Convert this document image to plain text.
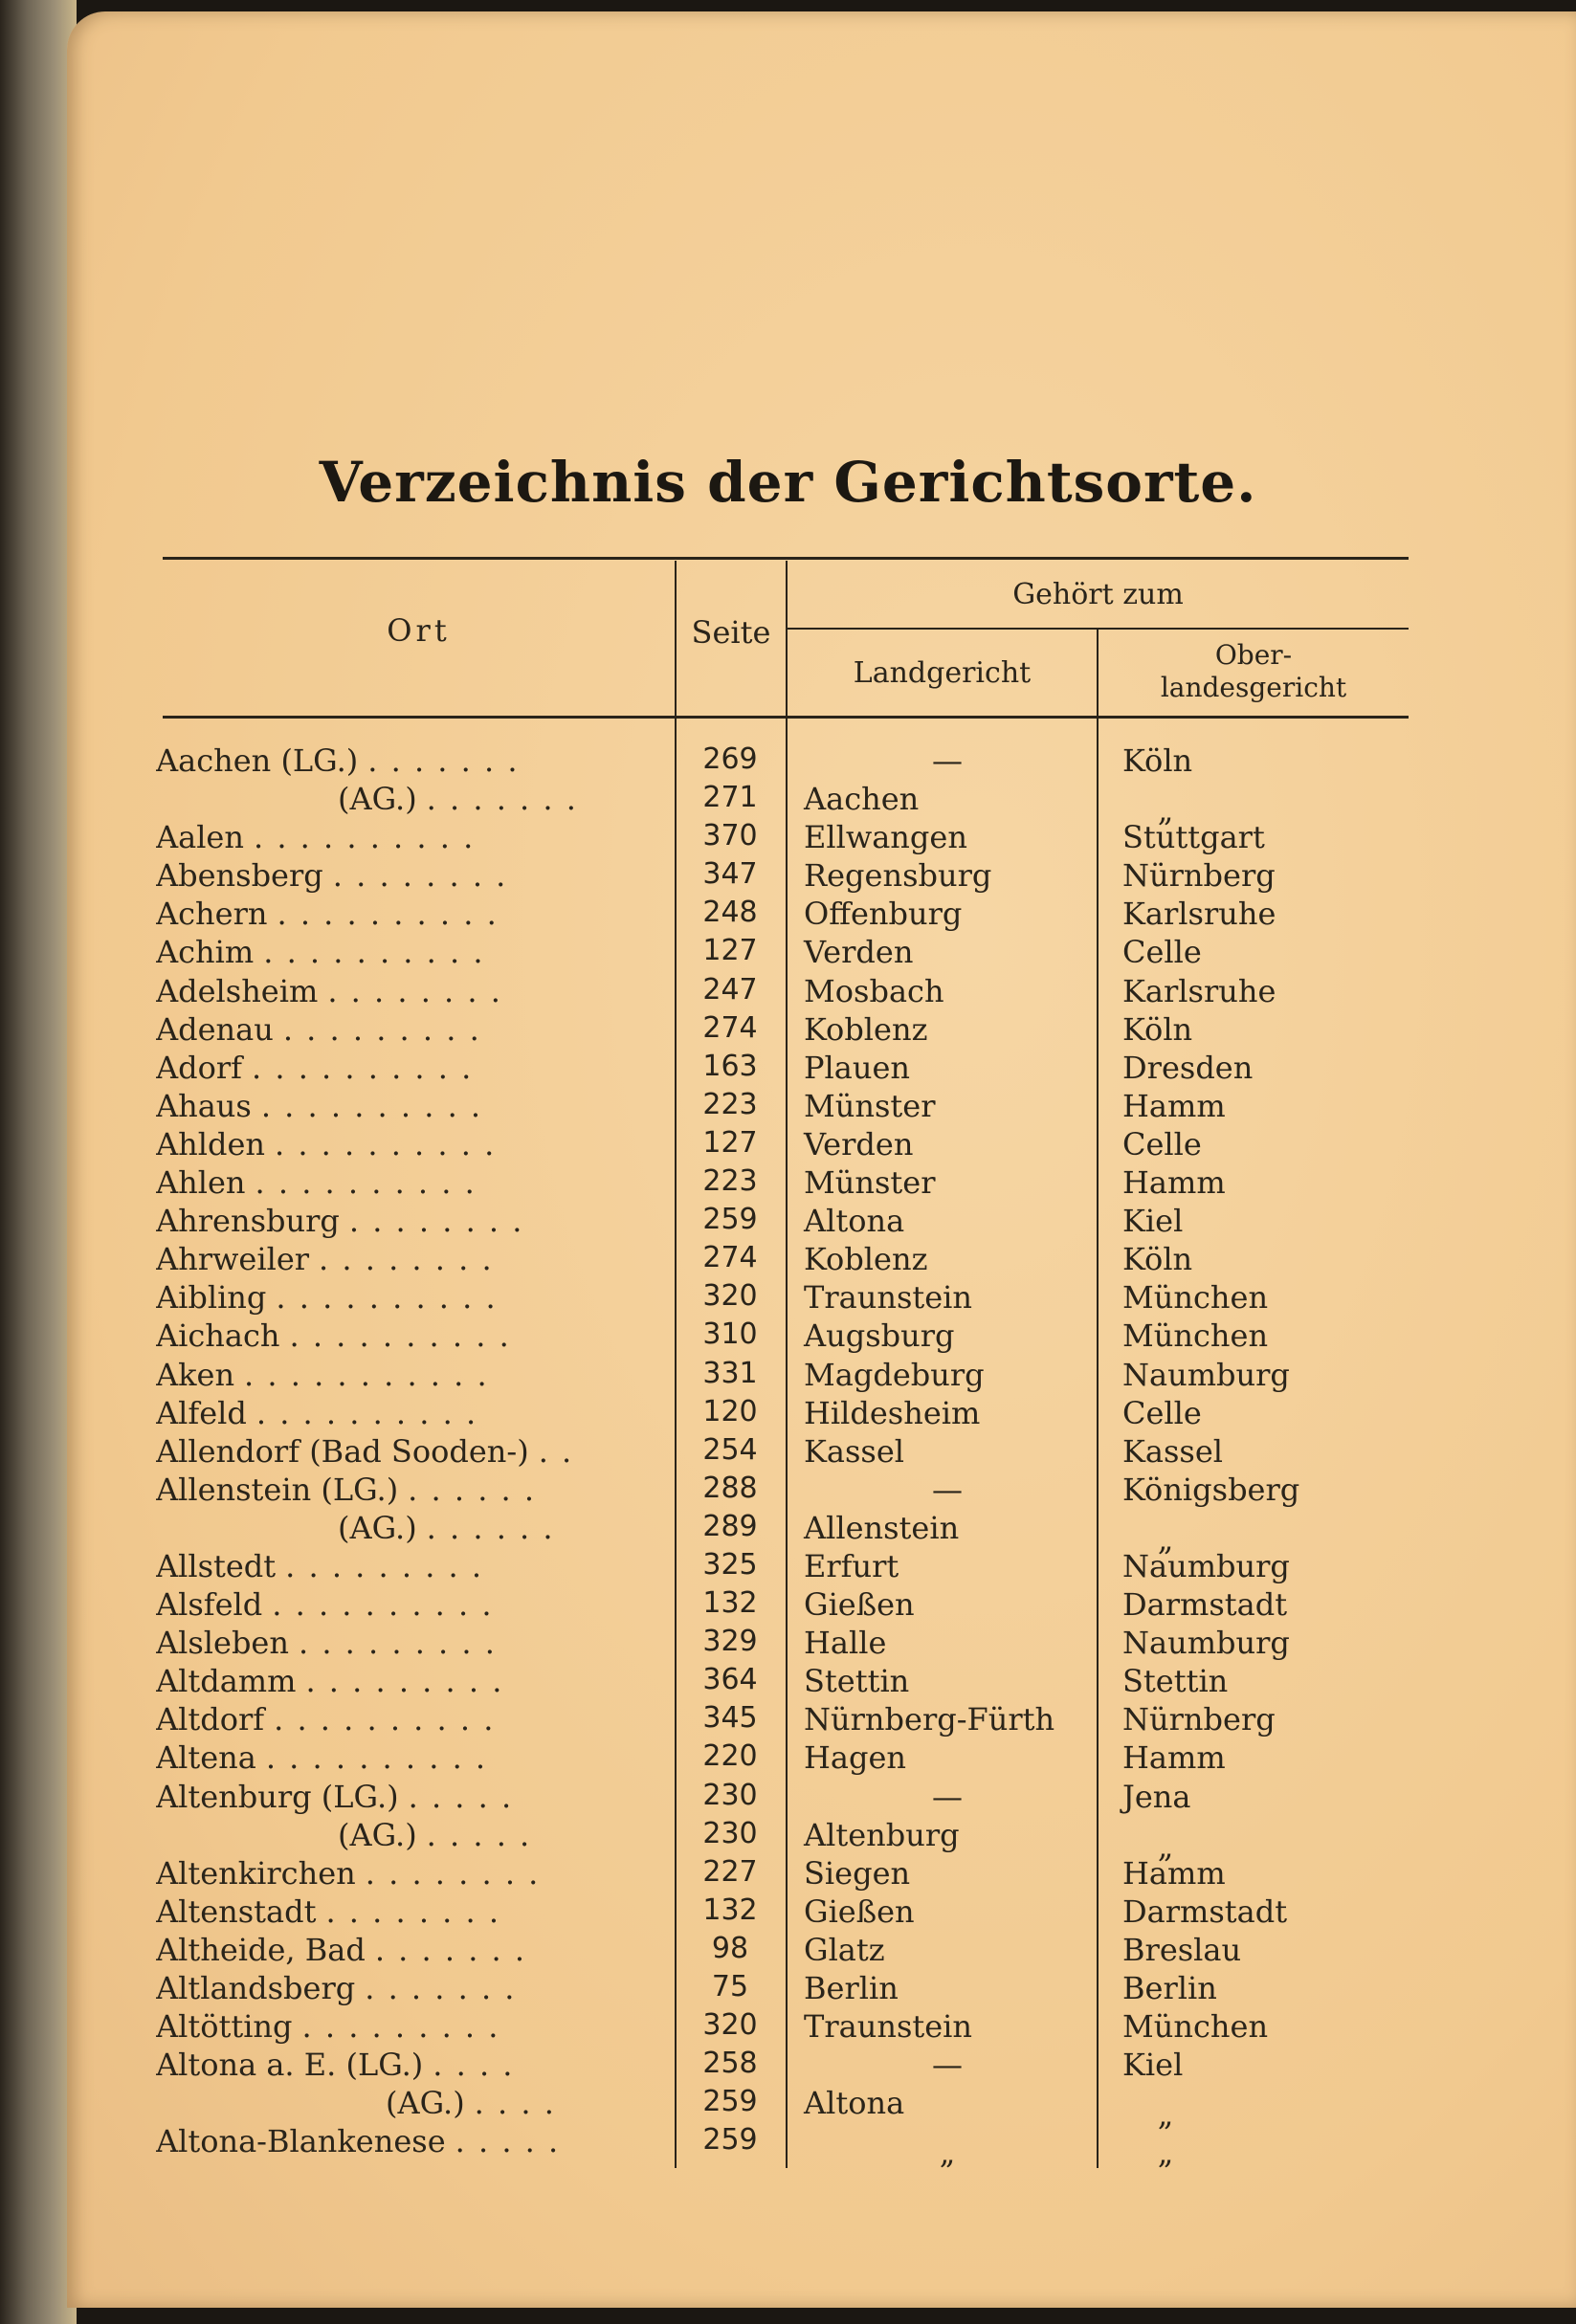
Verzeichnis der Gerichtsorte.
Ort	Seite
Gehört zum
Landgericht
Ober-
landesgericht
Aachen (LG.) . . . . . . .	269	—	Köln
(AG.) . . . . . . .	271	Aachen	„
Aalen . . . . . . . . . .	370	Ellwangen	Stuttgart
Abensberg . . . . . . . .	347	Regensburg	Nürnberg
Achern . . . . . . . . . .	248	Offenburg	Karlsruhe
Achim . . . . . . . . . .	127	Verden	Celle
Adelsheim . . . . . . . .	247	Mosbach	Karlsruhe
Adenau . . . . . . . . .	274	Koblenz	Köln
Adorf . . . . . . . . . .	163	Plauen	Dresden
Ahaus . . . . . . . . . .	223	Münster	Hamm
Ahlden . . . . . . . . . .	127	Verden	Celle
Ahlen . . . . . . . . . .	223	Münster	Hamm
Ahrensburg . . . . . . . .	259	Altona	Kiel
Ahrweiler . . . . . . . .	274	Koblenz	Köln
Aibling . . . . . . . . . .	320	Traunstein	München
Aichach . . . . . . . . . .	310	Augsburg	München
Aken . . . . . . . . . . .	331	Magdeburg	Naumburg
Alfeld . . . . . . . . . .	120	Hildesheim	Celle
Allendorf (Bad Sooden-) . .	254	Kassel	Kassel
Allenstein (LG.) . . . . . .	288	—	Königsberg
(AG.) . . . . . .	289	Allenstein	„
Allstedt . . . . . . . . .	325	Erfurt	Naumburg
Alsfeld . . . . . . . . . .	132	Gießen	Darmstadt
Alsleben . . . . . . . . .	329	Halle	Naumburg
Altdamm . . . . . . . . .	364	Stettin	Stettin
Altdorf . . . . . . . . . .	345	Nürnberg-Fürth	Nürnberg
Altena . . . . . . . . . .	220	Hagen	Hamm
Altenburg (LG.) . . . . .	230	—	Jena
(AG.) . . . . .	230	Altenburg	„
Altenkirchen . . . . . . . .	227	Siegen	Hamm
Altenstadt . . . . . . . .	132	Gießen	Darmstadt
Altheide, Bad . . . . . . .	98	Glatz	Breslau
Altlandsberg . . . . . . .	75	Berlin	Berlin
Altötting . . . . . . . . .	320	Traunstein	München
Altona a. E. (LG.) . . . .	258	—	Kiel
(AG.) . . . .	259	Altona	„
Altona-Blankenese . . . . .	259	„	„
